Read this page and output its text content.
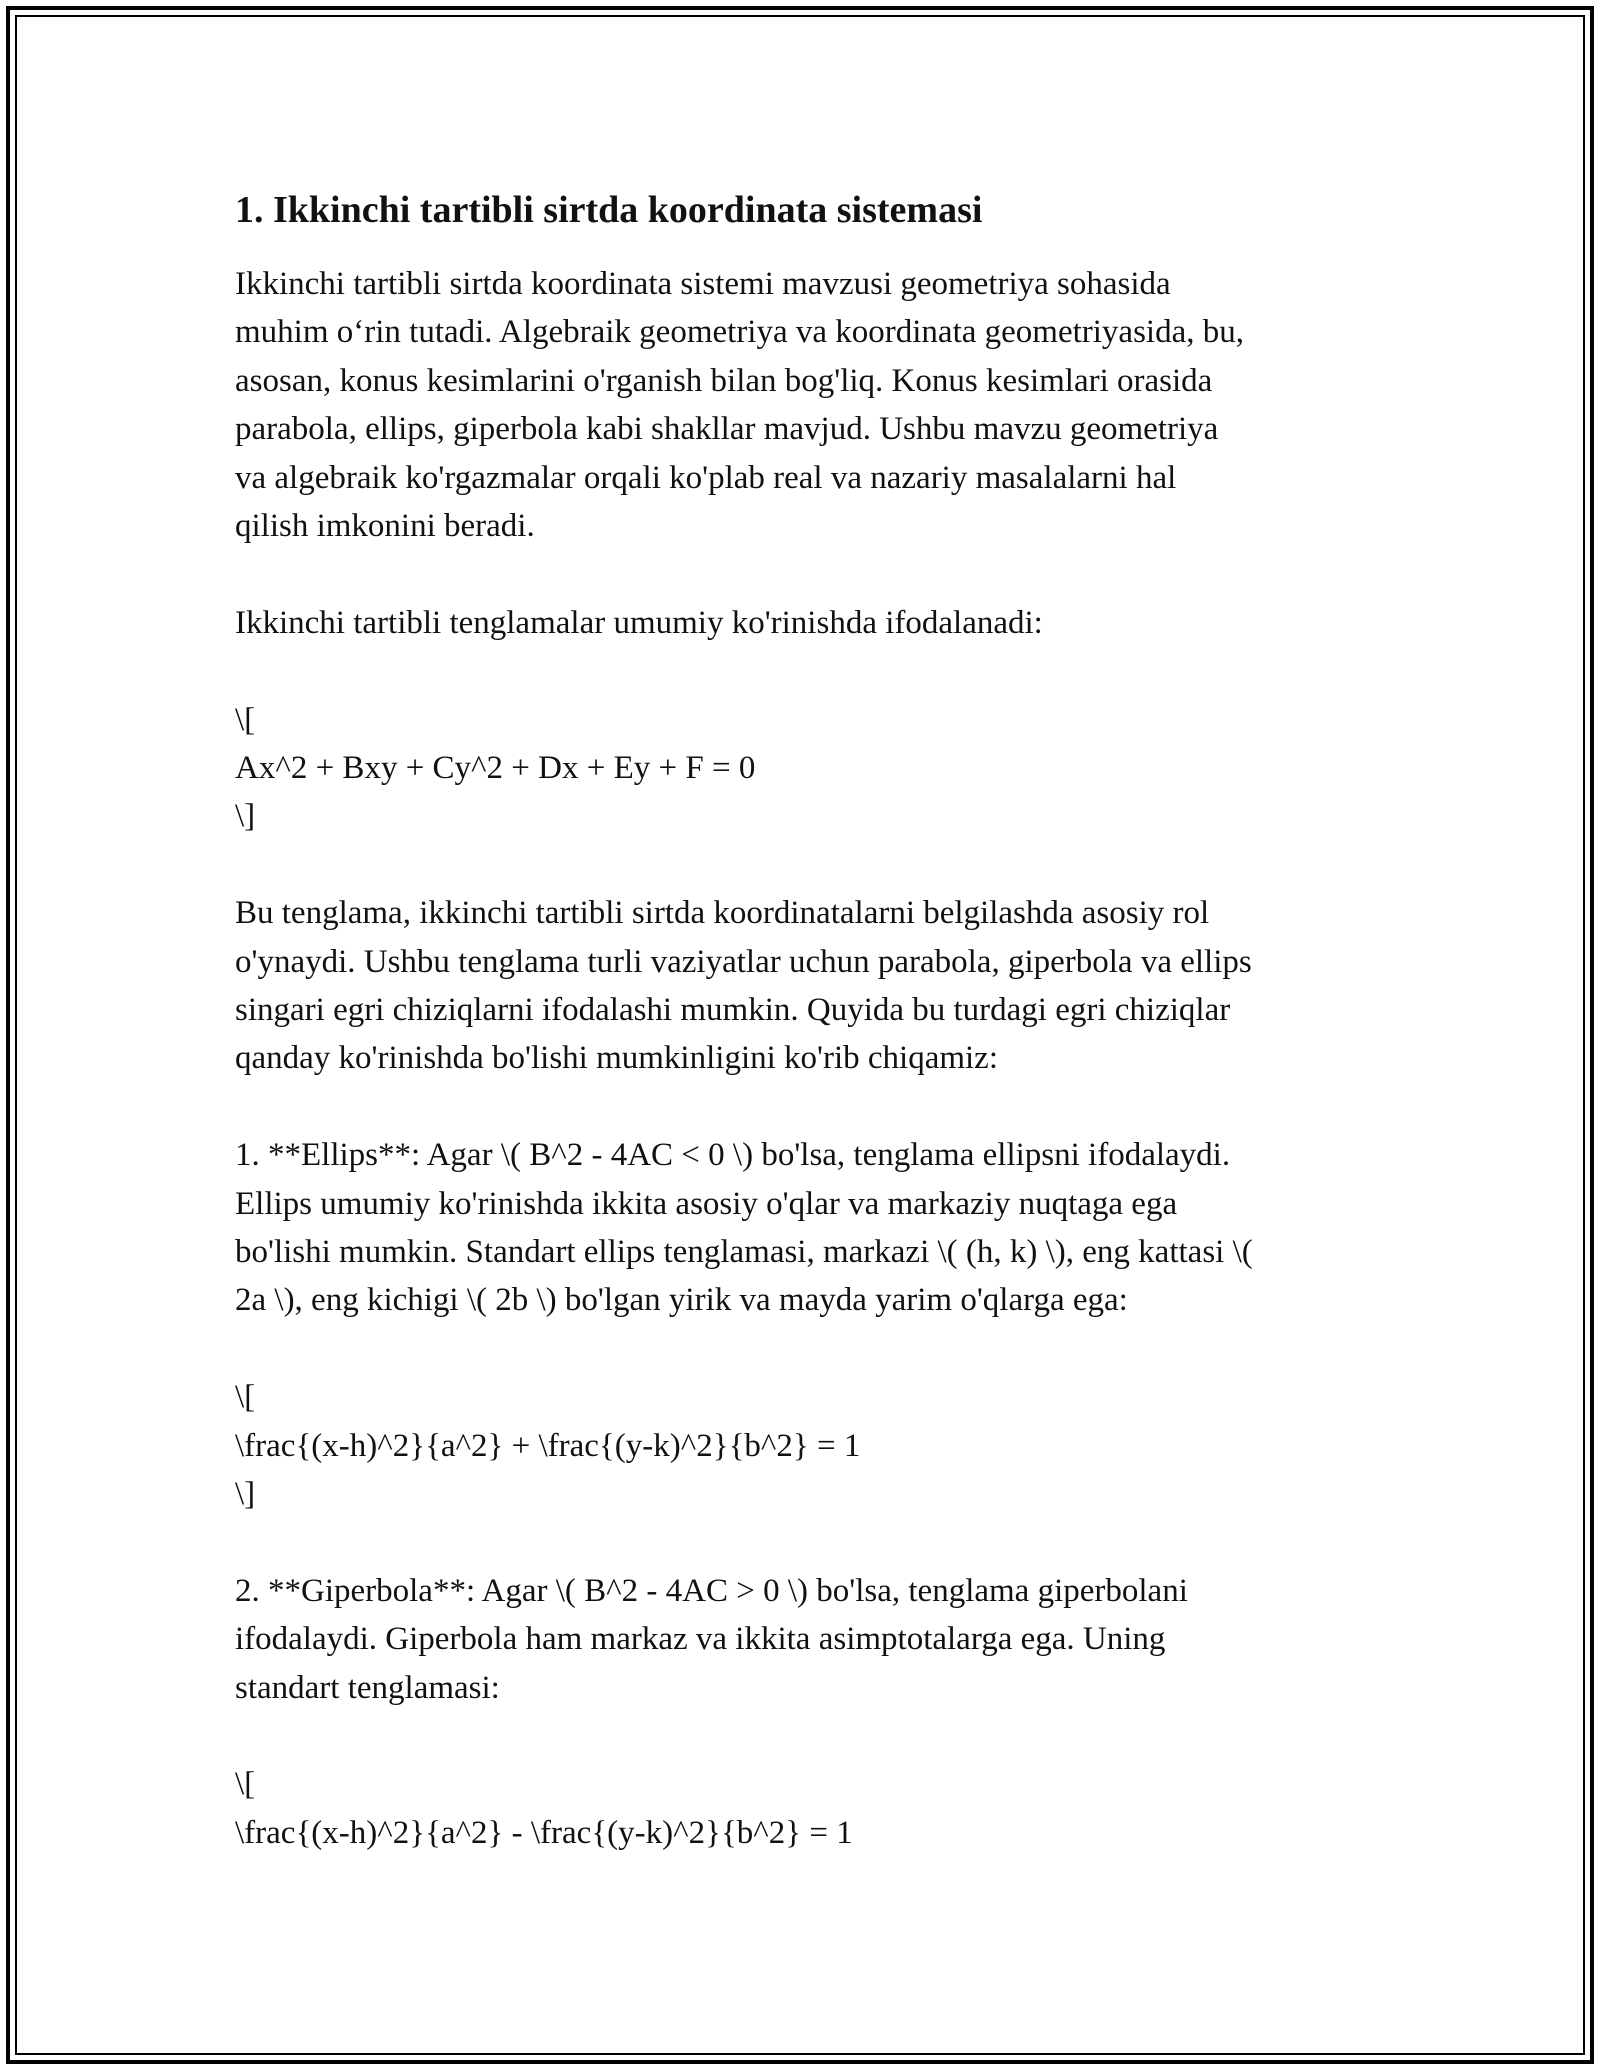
1. Ikkinchi tartibli sirtda koordinata sistemasi

Ikkinchi tartibli sirtda koordinata sistemi mavzusi geometriya sohasida
muhim o‘rin tutadi. Algebraik geometriya va koordinata geometriyasida, bu,
asosan, konus kesimlarini o'rganish bilan bog'liq. Konus kesimlari orasida
parabola, ellips, giperbola kabi shakllar mavjud. Ushbu mavzu geometriya
va algebraik ko'rgazmalar orqali ko'plab real va nazariy masalalarni hal
qilish imkonini beradi.

Ikkinchi tartibli tenglamalar umumiy ko'rinishda ifodalanadi:

\[
Ax^2 + Bxy + Cy^2 + Dx + Ey + F = 0
\]

Bu tenglama, ikkinchi tartibli sirtda koordinatalarni belgilashda asosiy rol
o'ynaydi. Ushbu tenglama turli vaziyatlar uchun parabola, giperbola va ellips
singari egri chiziqlarni ifodalashi mumkin. Quyida bu turdagi egri chiziqlar
qanday ko'rinishda bo'lishi mumkinligini ko'rib chiqamiz:

1. **Ellips**: Agar \( B^2 - 4AC < 0 \) bo'lsa, tenglama ellipsni ifodalaydi.
Ellips umumiy ko'rinishda ikkita asosiy o'qlar va markaziy nuqtaga ega
bo'lishi mumkin. Standart ellips tenglamasi, markazi \( (h, k) \), eng kattasi \(
2a \), eng kichigi \( 2b \) bo'lgan yirik va mayda yarim o'qlarga ega:

\[
\frac{(x-h)^2}{a^2} + \frac{(y-k)^2}{b^2} = 1
\]

2. **Giperbola**: Agar \( B^2 - 4AC > 0 \) bo'lsa, tenglama giperbolani
ifodalaydi. Giperbola ham markaz va ikkita asimptotalarga ega. Uning
standart tenglamasi:

\[
\frac{(x-h)^2}{a^2} - \frac{(y-k)^2}{b^2} = 1
